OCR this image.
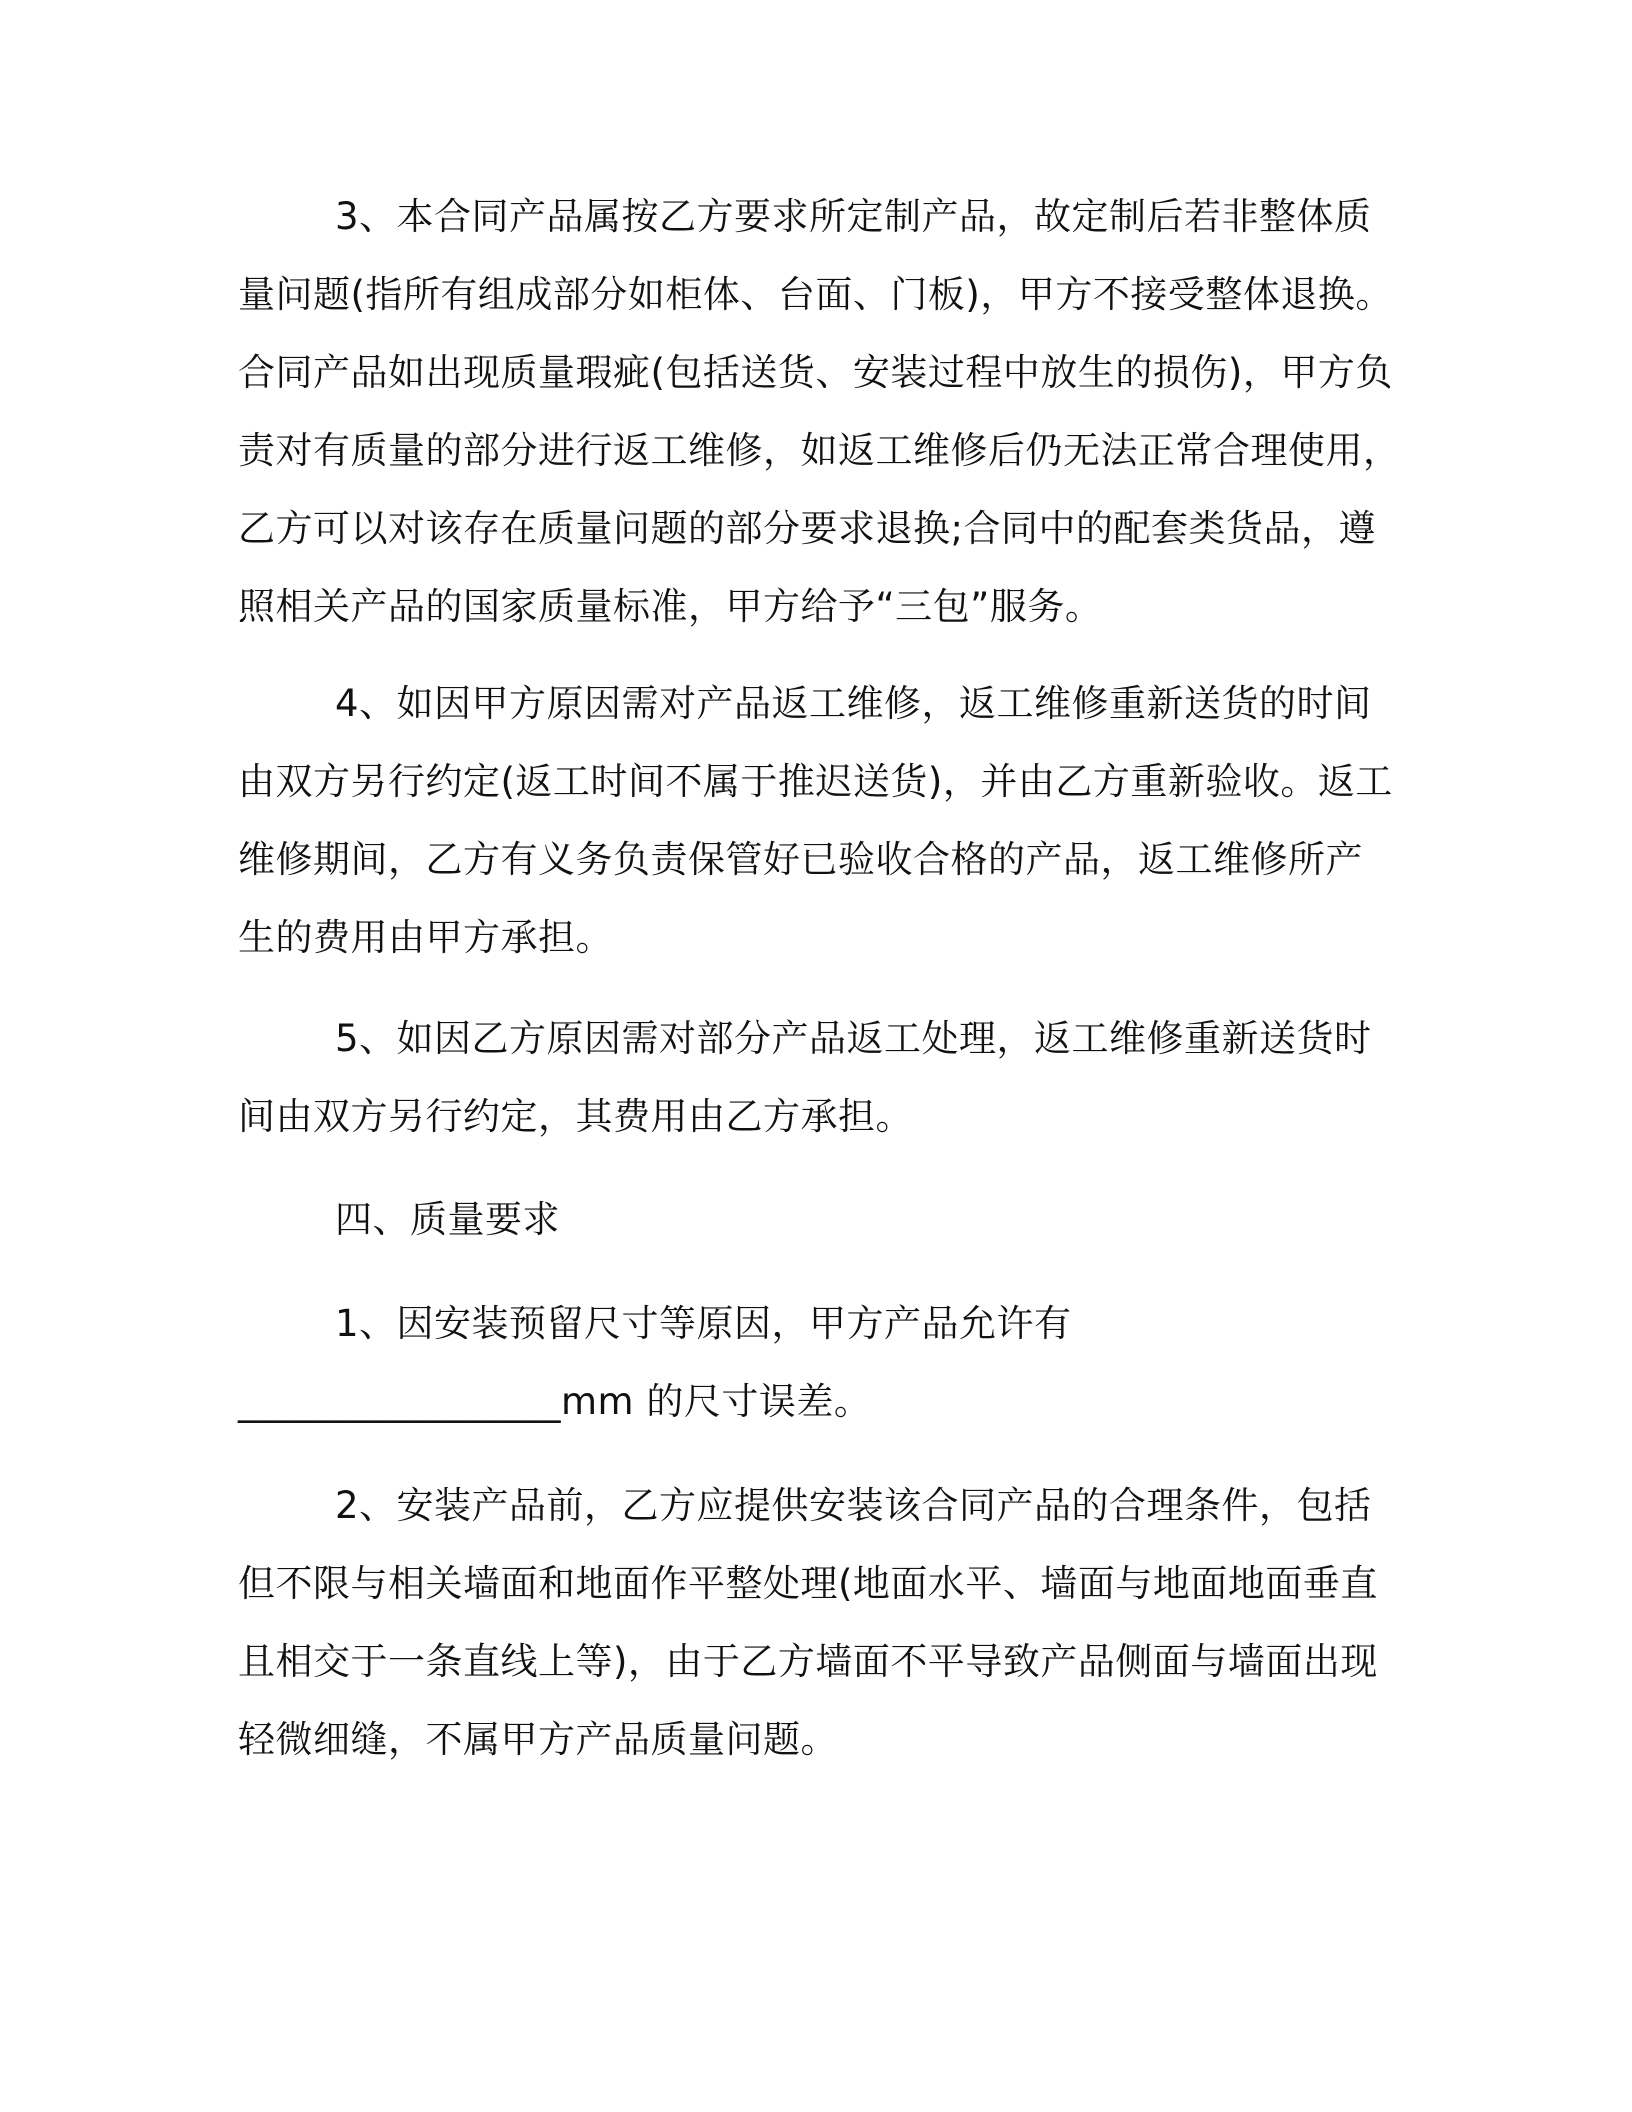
3、本合同产品属按乙方要求所定制产品，故定制后若非整体质
量问题(指所有组成部分如柜体、台面、门板)，甲方不接受整体退换。
合同产品如出现质量瑕疵(包括送货、安装过程中放生的损伤)，甲方负
责对有质量的部分进行返工维修，如返工维修后仍无法正常合理使用，
乙方可以对该存在质量问题的部分要求退换;合同中的配套类货品，遵
照相关产品的国家质量标准，甲方给予“三包”服务。
4、如因甲方原因需对产品返工维修，返工维修重新送货的时间
由双方另行约定(返工时间不属于推迟送货)，并由乙方重新验收。返工
维修期间，乙方有义务负责保管好已验收合格的产品，返工维修所产
生的费用由甲方承担。
5、如因乙方原因需对部分产品返工处理，返工维修重新送货时
间由双方另行约定，其费用由乙方承担。
四、质量要求
1、因安装预留尺寸等原因，甲方产品允许有
_________________mm 的尺寸误差。
2、安装产品前，乙方应提供安装该合同产品的合理条件，包括
但不限与相关墙面和地面作平整处理(地面水平、墙面与地面地面垂直
且相交于一条直线上等)，由于乙方墙面不平导致产品侧面与墙面出现
轻微细缝，不属甲方产品质量问题。
